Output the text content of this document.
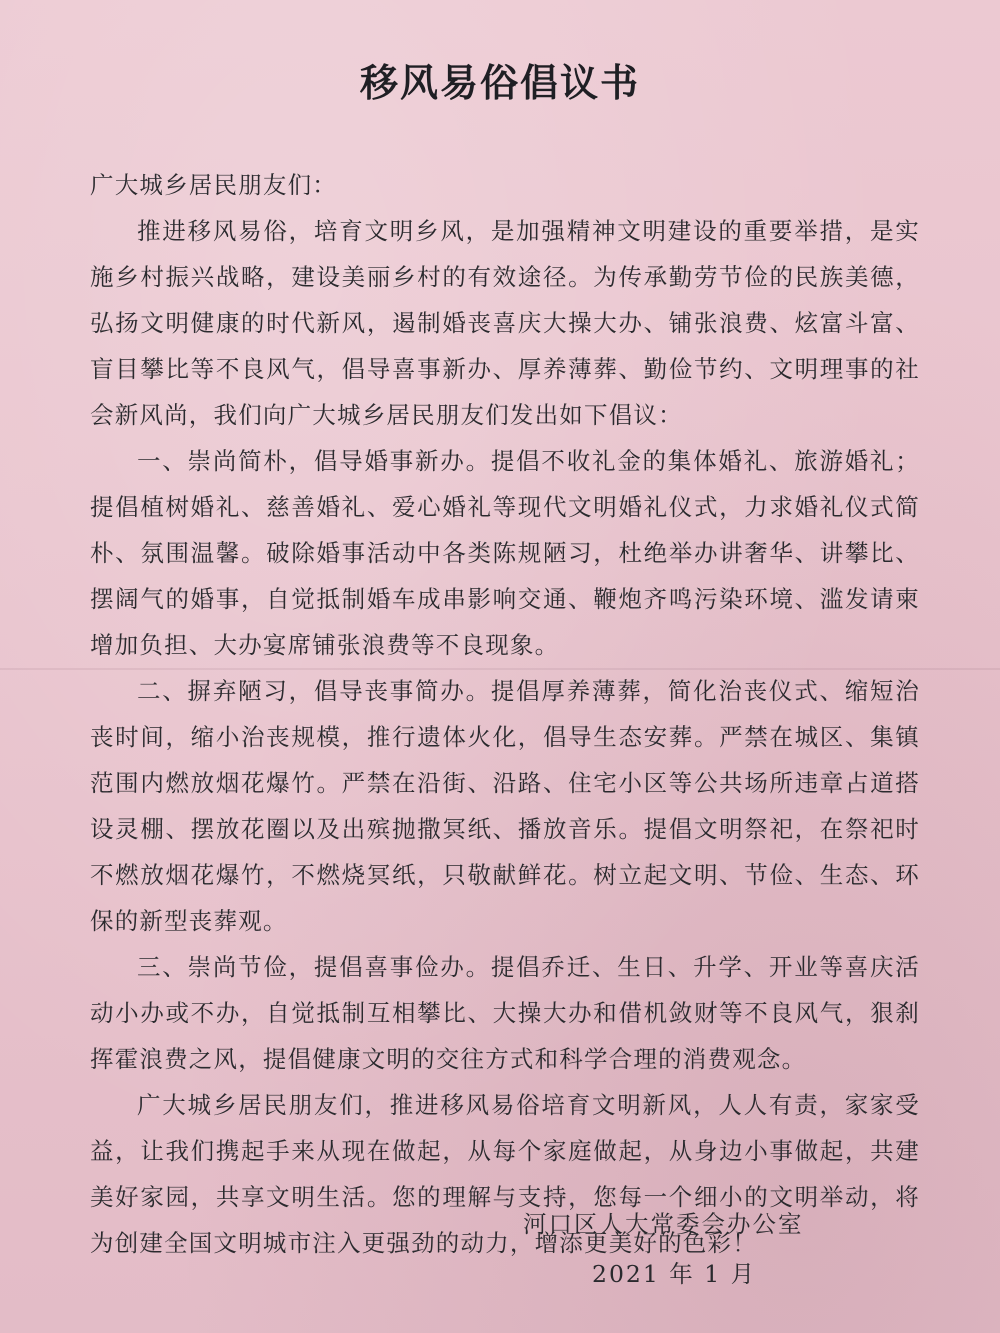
移风易俗倡议书
广大城乡居民朋友们：

推进移风易俗，培育文明乡风，是加强精神文明建设的重要举措，是实施乡村振兴战略，建设美丽乡村的有效途径。为传承勤劳节俭的民族美德，弘扬文明健康的时代新风，遏制婚丧喜庆大操大办、铺张浪费、炫富斗富、盲目攀比等不良风气，倡导喜事新办、厚养薄葬、勤俭节约、文明理事的社会新风尚，我们向广大城乡居民朋友们发出如下倡议：

一、崇尚简朴，倡导婚事新办。提倡不收礼金的集体婚礼、旅游婚礼；提倡植树婚礼、慈善婚礼、爱心婚礼等现代文明婚礼仪式，力求婚礼仪式简朴、氛围温馨。破除婚事活动中各类陈规陋习，杜绝举办讲奢华、讲攀比、摆阔气的婚事，自觉抵制婚车成串影响交通、鞭炮齐鸣污染环境、滥发请柬增加负担、大办宴席铺张浪费等不良现象。

二、摒弃陋习，倡导丧事简办。提倡厚养薄葬，简化治丧仪式、缩短治丧时间，缩小治丧规模，推行遗体火化，倡导生态安葬。严禁在城区、集镇范围内燃放烟花爆竹。严禁在沿街、沿路、住宅小区等公共场所违章占道搭设灵棚、摆放花圈以及出殡抛撒冥纸、播放音乐。提倡文明祭祀，在祭祀时不燃放烟花爆竹，不燃烧冥纸，只敬献鲜花。树立起文明、节俭、生态、环保的新型丧葬观。

三、崇尚节俭，提倡喜事俭办。提倡乔迁、生日、升学、开业等喜庆活动小办或不办，自觉抵制互相攀比、大操大办和借机敛财等不良风气，狠刹挥霍浪费之风，提倡健康文明的交往方式和科学合理的消费观念。

广大城乡居民朋友们，推进移风易俗培育文明新风，人人有责，家家受益，让我们携起手来从现在做起，从每个家庭做起，从身边小事做起，共建美好家园，共享文明生活。您的理解与支持，您每一个细小的文明举动，将为创建全国文明城市注入更强劲的动力，增添更美好的色彩！

河口区人大常委会办公室
2021 年 1 月
